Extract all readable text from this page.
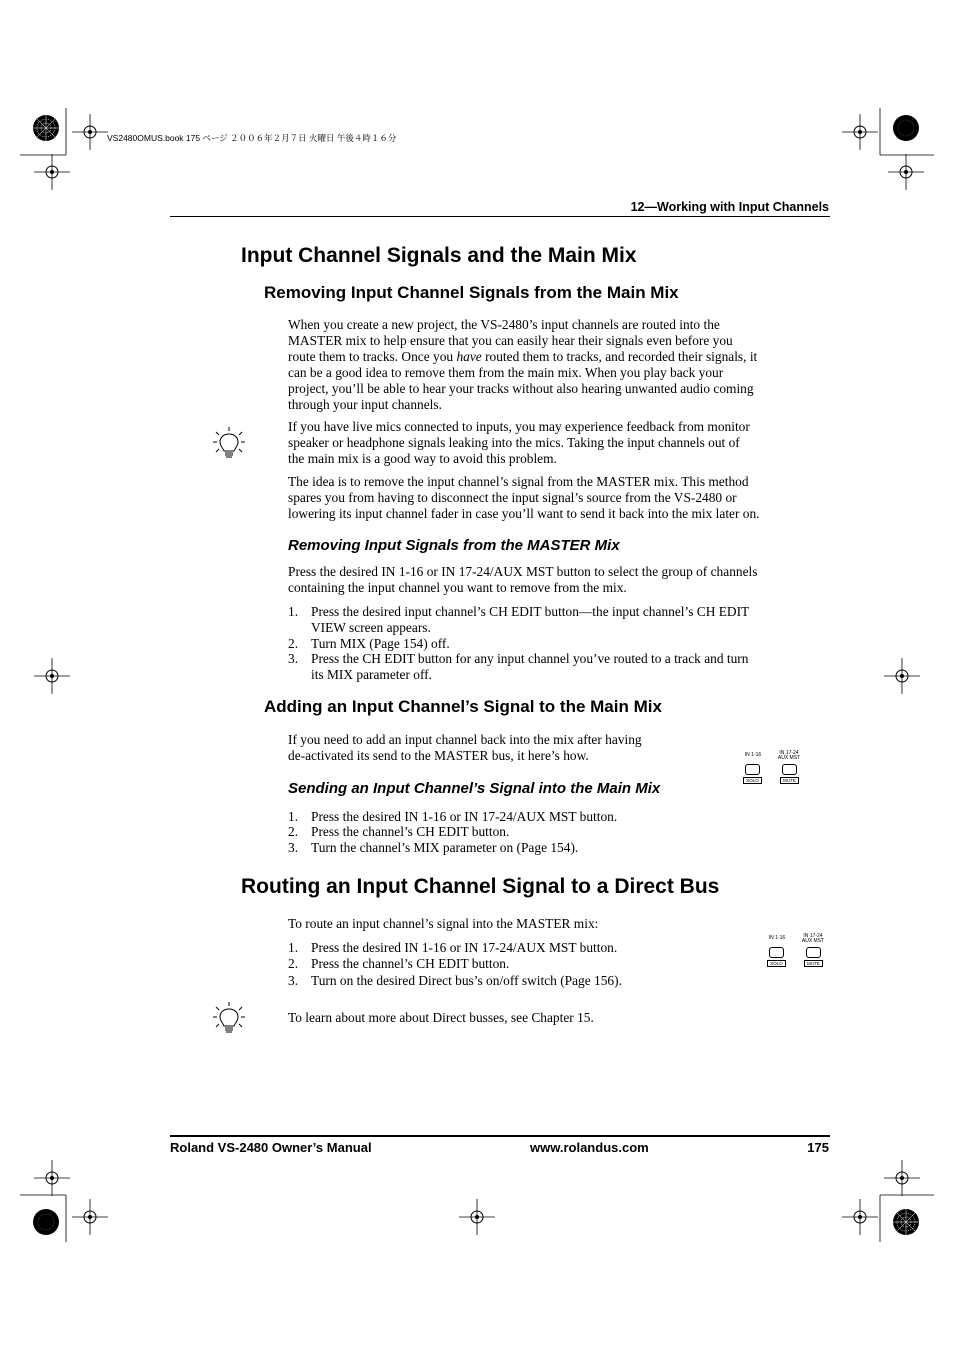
VS2480OMUS.book 175 ページ ２００６年２月７日 火曜日 午後４時１６分
12—Working with Input Channels
Input Channel Signals and the Main Mix
Removing Input Channel Signals from the Main Mix
When you create a new project, the VS-2480’s input channels are routed into the
MASTER mix to help ensure that you can easily hear their signals even before you
route them to tracks. Once you have routed them to tracks, and recorded their signals, it
can be a good idea to remove them from the main mix. When you play back your
project, you’ll be able to hear your tracks without also hearing unwanted audio coming
through your input channels.
If you have live mics connected to inputs, you may experience feedback from monitor
speaker or headphone signals leaking into the mics. Taking the input channels out of
the main mix is a good way to avoid this problem.
The idea is to remove the input channel’s signal from the MASTER mix. This method
spares you from having to disconnect the input signal’s source from the VS-2480 or
lowering its input channel fader in case you’ll want to send it back into the mix later on.
Removing Input Signals from the MASTER Mix
Press the desired IN 1-16 or IN 17-24/AUX MST button to select the group of channels
containing the input channel you want to remove from the mix.
1. Press the desired input channel’s CH EDIT button—the input channel’s CH EDIT
VIEW screen appears.
2. Turn MIX (Page 154) off.
3. Press the CH EDIT button for any input channel you’ve routed to a track and turn
its MIX parameter off.
Adding an Input Channel’s Signal to the Main Mix
If you need to add an input channel back into the mix after having
de-activated its send to the MASTER bus, it here’s how.	IN 1-16	IN 17-24
AUX MST
SOLO	MUTE
Sending an Input Channel’s Signal into the Main Mix
1. Press the desired IN 1-16 or IN 17-24/AUX MST button.
2. Press the channel’s CH EDIT button.
3. Turn the channel’s MIX parameter on (Page 154).
Routing an Input Channel Signal to a Direct Bus
To route an input channel’s signal into the MASTER mix:
IN 1-16	IN 17-24
AUX MST
SOLO	MUTE
1. Press the desired IN 1-16 or IN 17-24/AUX MST button.
2. Press the channel’s CH EDIT button.
3. Turn on the desired Direct bus’s on/off switch (Page 156).
To learn about more about Direct busses, see Chapter 15.
Roland VS-2480 Owner’s Manual	www.rolandus.com	175
